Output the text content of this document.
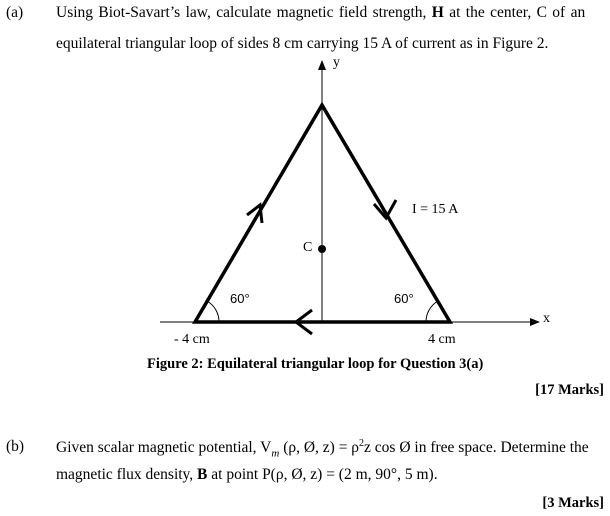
(a) Using Biot-Savart’s law, calculate magnetic field strength, H at the center, C of an
equilateral triangular loop of sides 8 cm carrying 15 A of current as in Figure 2.
y
x
- 4 cm	4 cm
C
I = 15 A
60°	60°
Figure 2: Equilateral triangular loop for Question 3(a)
[17 Marks]
(b) Given scalar magnetic potential, $V_m$ (ρ, Ø, $z) = \rho^2z$ cos Ø in free space. Determine the
magnetic flux density, B at point P(ρ, Ø, z) = (2 m, 90°, 5 m).
[3 Marks]
